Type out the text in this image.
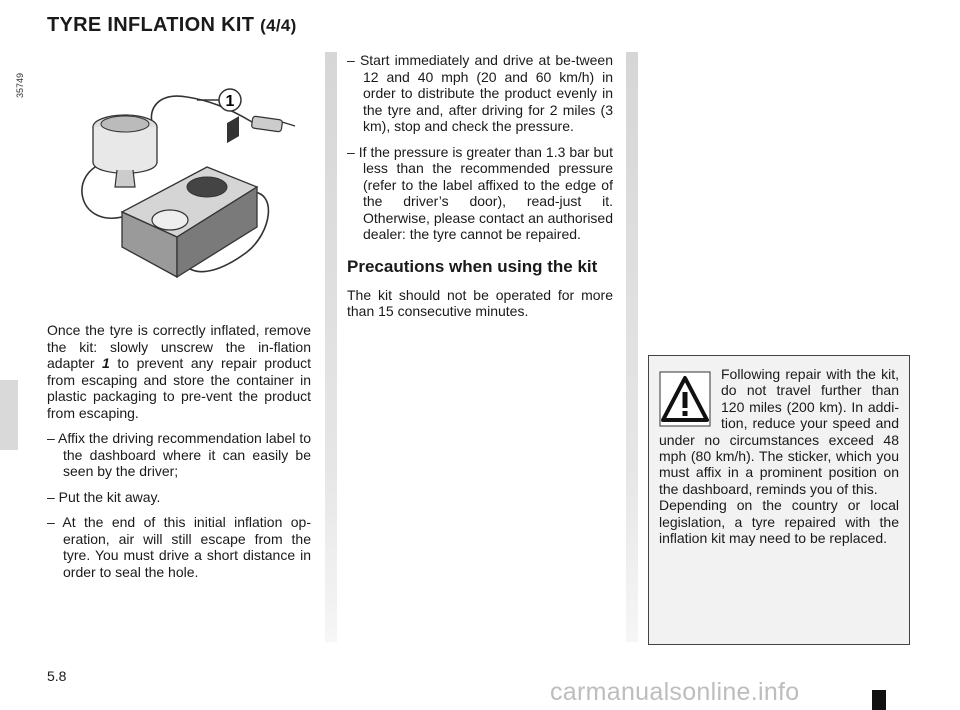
TYRE INFLATION KIT (4/4)
35749
1

Once the tyre is correctly inflated, remove the kit: slowly unscrew the in-flation adapter 1 to prevent any repair product from escaping and store the container in plastic packaging to pre-vent the product from escaping.

– Affix the driving recommendation label to the dashboard where it can easily be seen by the driver;

– Put the kit away.

– At the end of this initial inflation op-eration, air will still escape from the tyre. You must drive a short distance in order to seal the hole.

– Start immediately and drive at be-tween 12 and 40 mph (20 and 60 km/h) in order to distribute the product evenly in the tyre and, after driving for 2 miles (3 km), stop and check the pressure.

– If the pressure is greater than 1.3 bar but less than the recommended pressure (refer to the label affixed to the edge of the driver’s door), read-just it. Otherwise, please contact an authorised dealer: the tyre cannot be repaired.

Precautions when using the kit

The kit should not be operated for more than 15 consecutive minutes.

Following repair with the kit, do not travel further than 120 miles (200 km). In addi-tion, reduce your speed and under no circumstances exceed 48 mph (80 km/h). The sticker, which you must affix in a prominent position on the dashboard, reminds you of this.

Depending on the country or local legislation, a tyre repaired with the inflation kit may need to be replaced.

5.8

carmanualsonline.info
